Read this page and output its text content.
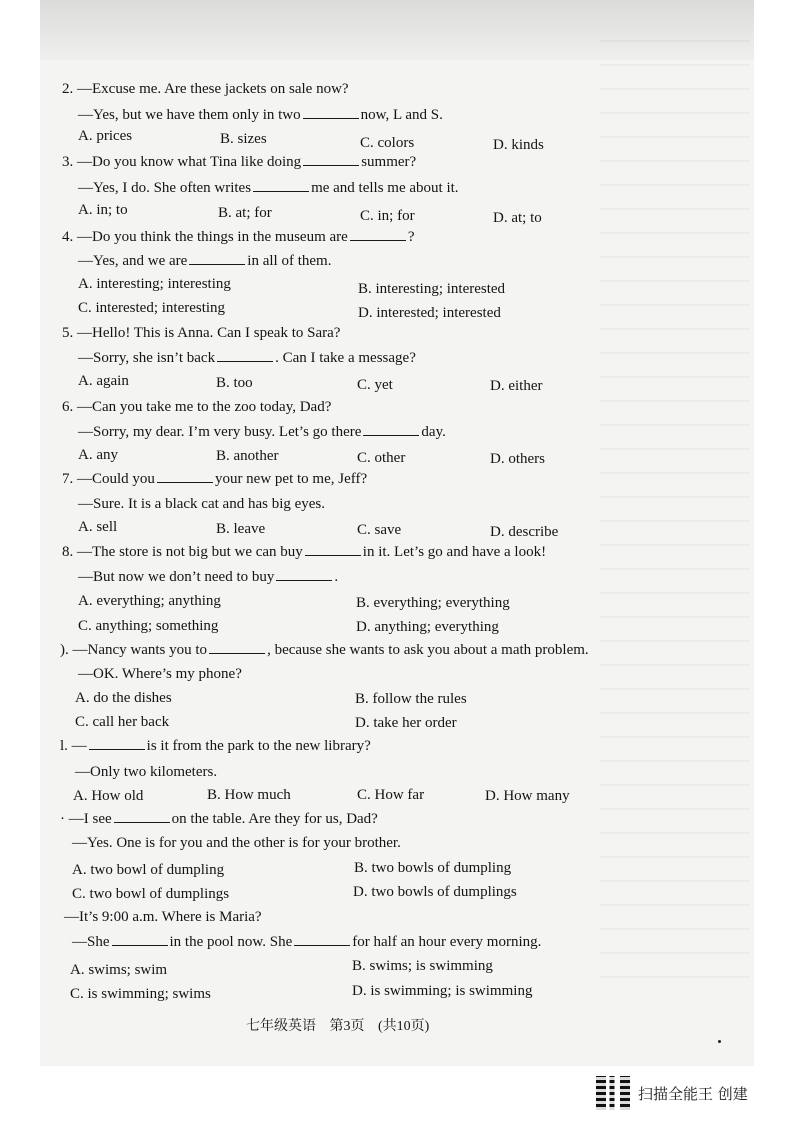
2. —Excuse me. Are these jackets on sale now?
—Yes, but we have them only in two	now, L and S.
A. prices	B. sizes	C. colors	D. kinds
3. —Do you know what Tina like doing	summer?
—Yes, I do. She often writes	me and tells me about it.
A. in; to	B. at; for	C. in; for	D. at; to
4. —Do you think the things in the museum are	?
—Yes, and we are	in all of them.
A. interesting; interesting	B. interesting; interested
C. interested; interesting	D. interested; interested
5. —Hello! This is Anna. Can I speak to Sara?
—Sorry, she isn’t back	. Can I take a message?
A. again	B. too	C. yet	D. either
6. —Can you take me to the zoo today, Dad?
—Sorry, my dear. I’m very busy. Let’s go there	day.
A. any	B. another	C. other	D. others
7. —Could you	your new pet to me, Jeff?
—Sure. It is a black cat and has big eyes.
A. sell	B. leave	C. save	D. describe
8. —The store is not big but we can buy	in it. Let’s go and have a look!
—But now we don’t need to buy	.
A. everything; anything	B. everything; everything
C. anything; something	D. anything; everything
). —Nancy wants you to	, because she wants to ask you about a math problem.
—OK. Where’s my phone?
A. do the dishes	B. follow the rules
C. call her back	D. take her order
l. —	is it from the park to the new library?
—Only two kilometers.
A. How old	B. How much	C. How far	D. How many
· —I see	on the table. Are they for us, Dad?
—Yes. One is for you and the other is for your brother.
A. two bowl of dumpling	B. two bowls of dumpling
C. two bowl of dumplings	D. two bowls of dumplings
—It’s 9:00 a.m. Where is Maria?
—She	in the pool now. She	for half an hour every morning.
A. swims; swim	B. swims; is swimming
C. is swimming; swims	D. is swimming; is swimming
七年级英语 第3页 (共10页)
扫描全能王 创建
